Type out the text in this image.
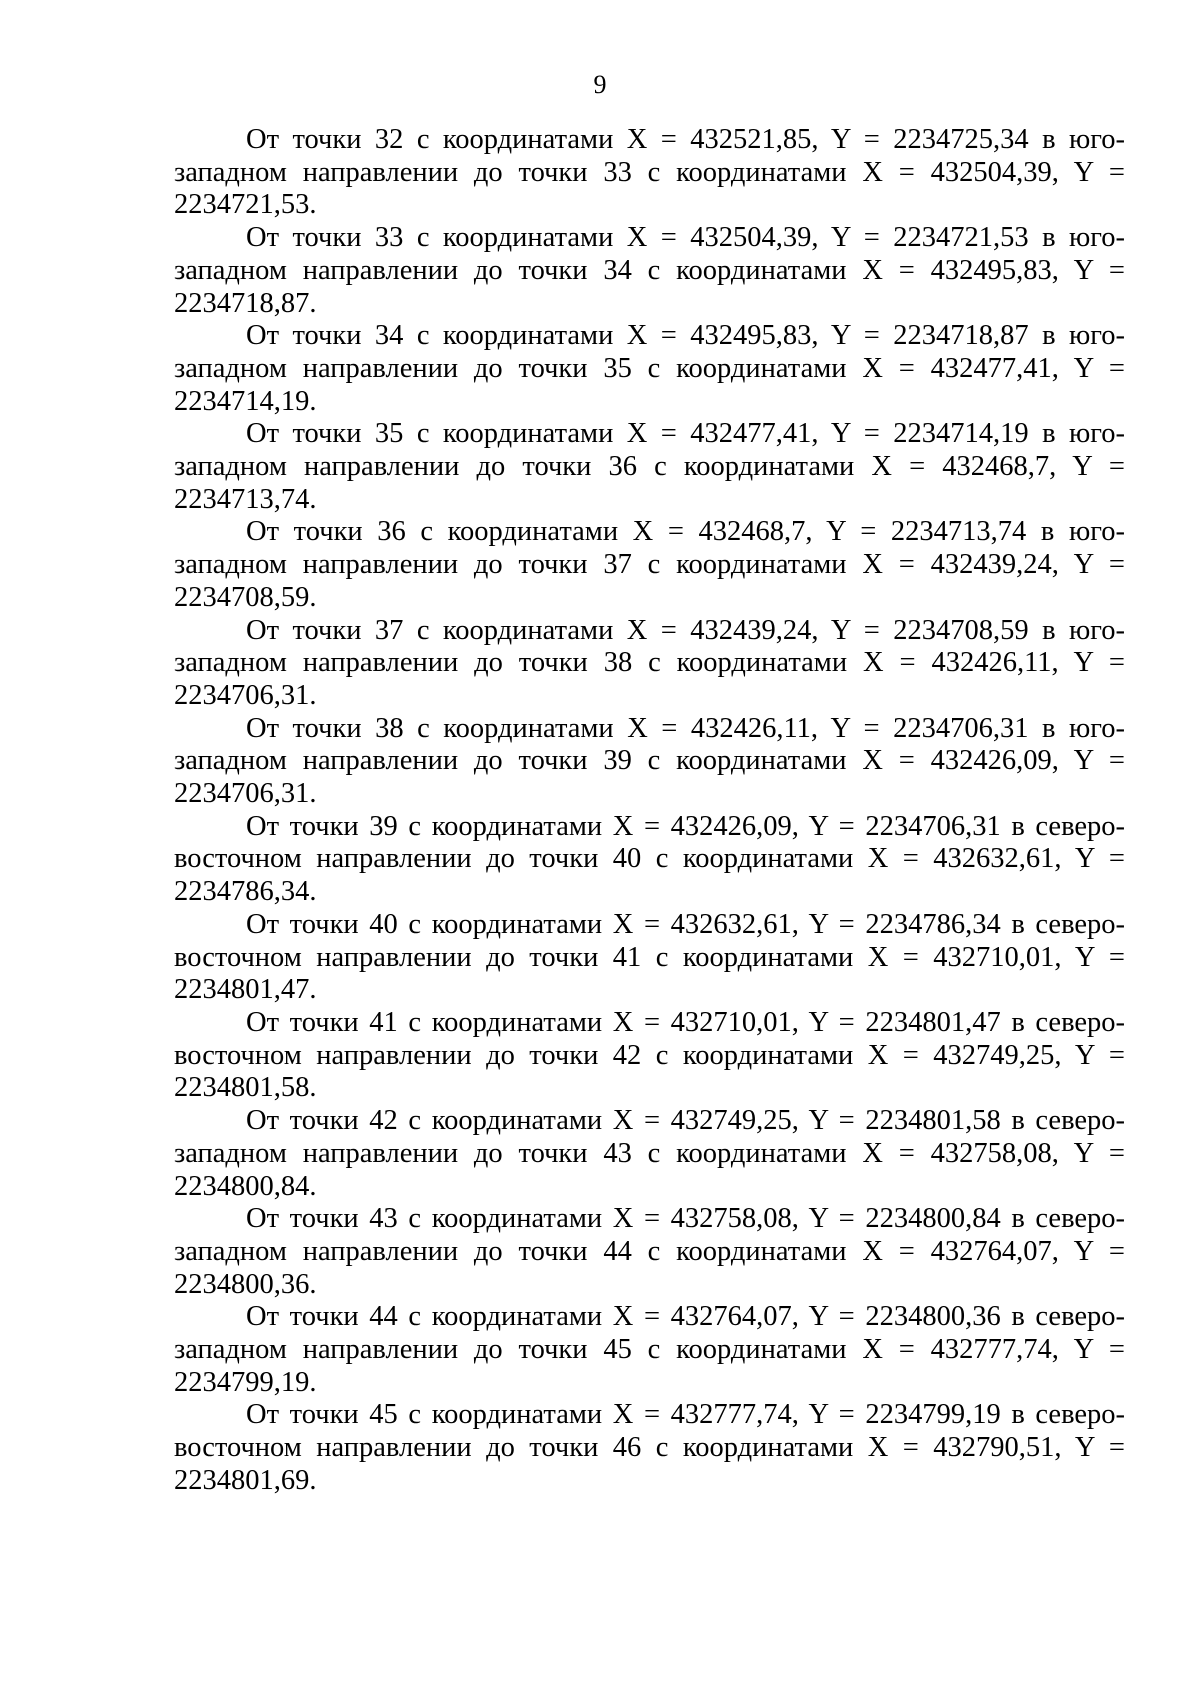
9

От точки 32 с координатами X = 432521,85, Y = 2234725,34 в юго-западном направлении до точки 33 с координатами X = 432504,39, Y = 2234721,53.

От точки 33 с координатами X = 432504,39, Y = 2234721,53 в юго-западном направлении до точки 34 с координатами X = 432495,83, Y = 2234718,87.

От точки 34 с координатами X = 432495,83, Y = 2234718,87 в юго-западном направлении до точки 35 с координатами X = 432477,41, Y = 2234714,19.

От точки 35 с координатами X = 432477,41, Y = 2234714,19 в юго-западном направлении до точки 36 с координатами X = 432468,7, Y = 2234713,74.

От точки 36 с координатами X = 432468,7, Y = 2234713,74 в юго-западном направлении до точки 37 с координатами X = 432439,24, Y = 2234708,59.

От точки 37 с координатами X = 432439,24, Y = 2234708,59 в юго-западном направлении до точки 38 с координатами X = 432426,11, Y = 2234706,31.

От точки 38 с координатами X = 432426,11, Y = 2234706,31 в юго-западном направлении до точки 39 с координатами X = 432426,09, Y = 2234706,31.

От точки 39 с координатами X = 432426,09, Y = 2234706,31 в северо-восточном направлении до точки 40 с координатами X = 432632,61, Y = 2234786,34.

От точки 40 с координатами X = 432632,61, Y = 2234786,34 в северо-восточном направлении до точки 41 с координатами X = 432710,01, Y = 2234801,47.

От точки 41 с координатами X = 432710,01, Y = 2234801,47 в северо-восточном направлении до точки 42 с координатами X = 432749,25, Y = 2234801,58.

От точки 42 с координатами X = 432749,25, Y = 2234801,58 в северо-западном направлении до точки 43 с координатами X = 432758,08, Y = 2234800,84.

От точки 43 с координатами X = 432758,08, Y = 2234800,84 в северо-западном направлении до точки 44 с координатами X = 432764,07, Y = 2234800,36.

От точки 44 с координатами X = 432764,07, Y = 2234800,36 в северо-западном направлении до точки 45 с координатами X = 432777,74, Y = 2234799,19.

От точки 45 с координатами X = 432777,74, Y = 2234799,19 в северо-восточном направлении до точки 46 с координатами X = 432790,51, Y = 2234801,69.
